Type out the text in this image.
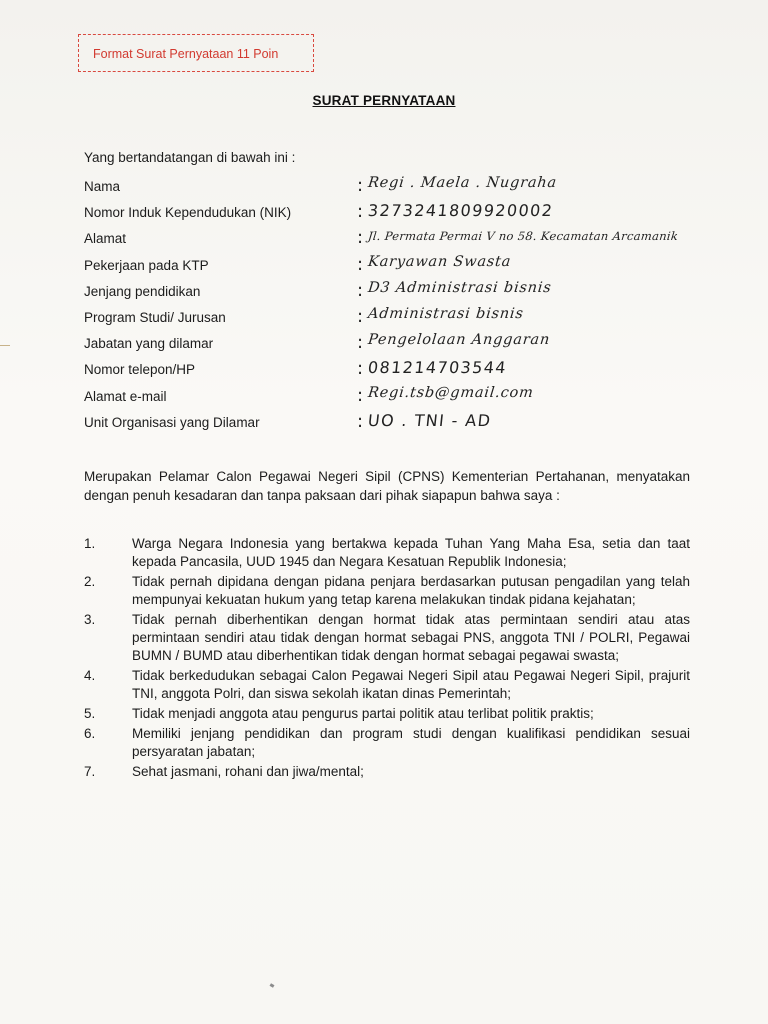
Format Surat Pernyataan 11 Poin
SURAT PERNYATAAN
Yang bertandatangan di bawah ini :
Nama	: Regi . Maela . Nugraha
Nomor Induk Kependudukan (NIK)	: 3273241809920002
Alamat	: Jl. Permata Permai V no 58. Kecamatan Arcamanik
Pekerjaan pada KTP	: Karyawan Swasta
Jenjang pendidikan	: D3 Administrasi bisnis
Program Studi/ Jurusan	: Administrasi bisnis
Jabatan yang dilamar	: Pengelolaan Anggaran
Nomor telepon/HP	: 081214703544
Alamat e-mail	: Regi.tsb@gmail.com
Unit Organisasi yang Dilamar	: UO . TNI - AD
Merupakan Pelamar Calon Pegawai Negeri Sipil (CPNS) Kementerian Pertahanan, menyatakan dengan penuh kesadaran dan tanpa paksaan dari pihak siapapun bahwa saya :
1.	Warga Negara Indonesia yang bertakwa kepada Tuhan Yang Maha Esa, setia dan taat kepada Pancasila, UUD 1945 dan Negara Kesatuan Republik Indonesia;
2.	Tidak pernah dipidana dengan pidana penjara berdasarkan putusan pengadilan yang telah mempunyai kekuatan hukum yang tetap karena melakukan tindak pidana kejahatan;
3.	Tidak pernah diberhentikan dengan hormat tidak atas permintaan sendiri atau atas permintaan sendiri atau tidak dengan hormat sebagai PNS, anggota TNI / POLRI, Pegawai BUMN / BUMD atau diberhentikan tidak dengan hormat sebagai pegawai swasta;
4.	Tidak berkedudukan sebagai Calon Pegawai Negeri Sipil atau Pegawai Negeri Sipil, prajurit TNI, anggota Polri, dan siswa sekolah ikatan dinas Pemerintah;
5.	Tidak menjadi anggota atau pengurus partai politik atau terlibat politik praktis;
6.	Memiliki jenjang pendidikan dan program studi dengan kualifikasi pendidikan sesuai persyaratan jabatan;
7.	Sehat jasmani, rohani dan jiwa/mental;
